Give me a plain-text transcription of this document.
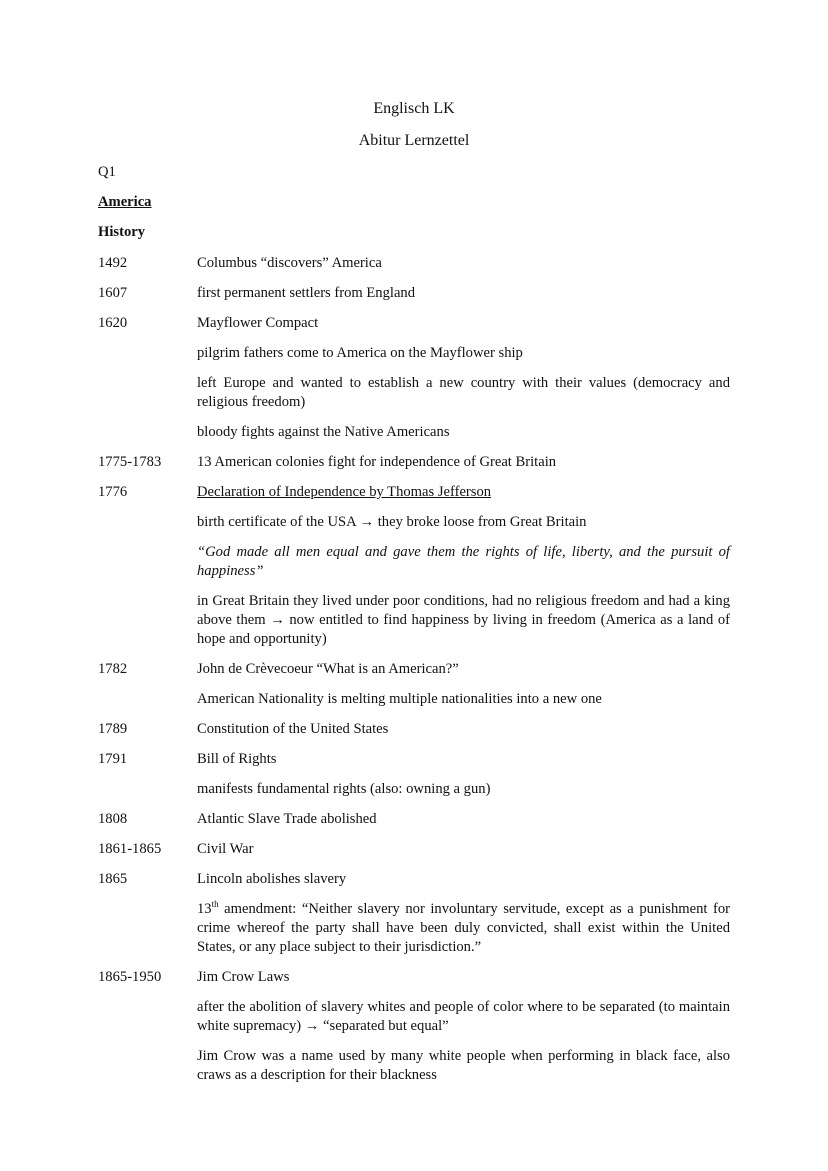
Englisch LK
Abitur Lernzettel
Q1
America
History
1492	Columbus “discovers” America
1607	first permanent settlers from England
1620	Mayflower Compact
pilgrim fathers come to America on the Mayflower ship
left Europe and wanted to establish a new country with their values (democracy and religious freedom)
bloody fights against the Native Americans
1775-1783	13 American colonies fight for independence of Great Britain
1776	Declaration of Independence by Thomas Jefferson
birth certificate of the USA → they broke loose from Great Britain
“God made all men equal and gave them the rights of life, liberty, and the pursuit of happiness”
in Great Britain they lived under poor conditions, had no religious freedom and had a king above them → now entitled to find happiness by living in freedom (America as a land of hope and opportunity)
1782	John de Crèvecoeur “What is an American?”
American Nationality is melting multiple nationalities into a new one
1789	Constitution of the United States
1791	Bill of Rights
manifests fundamental rights (also: owning a gun)
1808	Atlantic Slave Trade abolished
1861-1865	Civil War
1865	Lincoln abolishes slavery
13th amendment: “Neither slavery nor involuntary servitude, except as a punishment for crime whereof the party shall have been duly convicted, shall exist within the United States, or any place subject to their jurisdiction.”
1865-1950	Jim Crow Laws
after the abolition of slavery whites and people of color where to be separated (to maintain white supremacy) → “separated but equal”
Jim Crow was a name used by many white people when performing in black face, also craws as a description for their blackness
